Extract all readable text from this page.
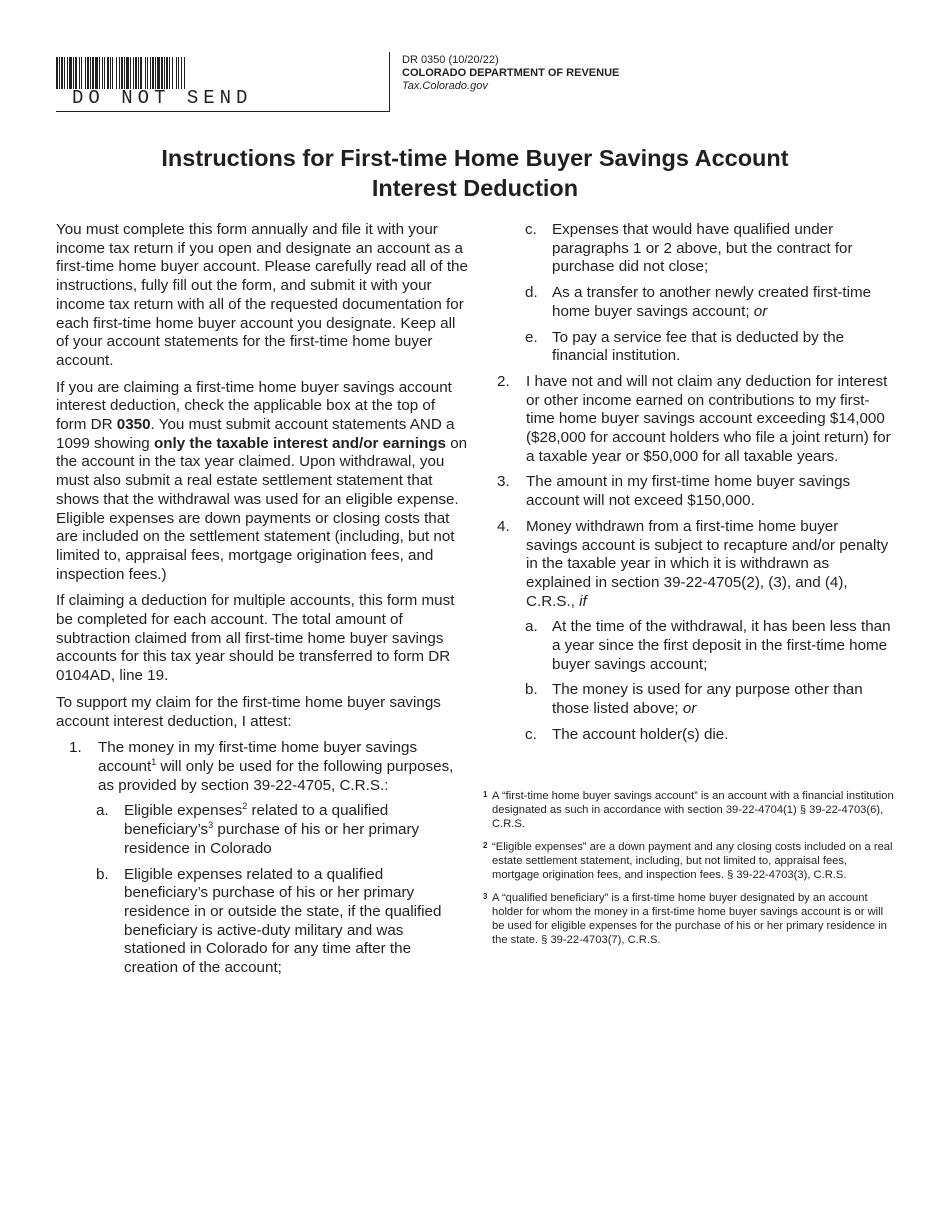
DO NOT SEND
DR 0350 (10/20/22)
COLORADO DEPARTMENT OF REVENUE
Tax.Colorado.gov
Instructions for First-time Home Buyer Savings Account
Interest Deduction

You must complete this form annually and file it with your income tax return if you open and designate an account as a first-time home buyer account. Please carefully read all of the instructions, fully fill out the form, and submit it with your income tax return with all of the requested documentation for each first-time home buyer account you designate. Keep all of your account statements for the first-time home buyer account.

If you are claiming a first-time home buyer savings account interest deduction, check the applicable box at the top of form DR 0350. You must submit account statements AND a 1099 showing only the taxable interest and/or earnings on the account in the tax year claimed. Upon withdrawal, you must also submit a real estate settlement statement that shows that the withdrawal was used for an eligible expense. Eligible expenses are down payments or closing costs that are included on the settlement statement (including, but not limited to, appraisal fees, mortgage origination fees, and inspection fees.)

If claiming a deduction for multiple accounts, this form must be completed for each account. The total amount of subtraction claimed from all first-time home buyer savings accounts for this tax year should be transferred to form DR 0104AD, line 19.

To support my claim for the first-time home buyer savings account interest deduction, I attest:

1. The money in my first-time home buyer savings account$^1$ will only be used for the following purposes, as provided by section 39-22-4705, C.R.S.:
a. Eligible expenses$^2$ related to a qualified $beneficiary’s^3$ purchase of his or her primary residence in Colorado
b. Eligible expenses related to a qualified beneficiary’s purchase of his or her primary residence in or outside the state, if the qualified beneficiary is active-duty military and was stationed in Colorado for any time after the creation of the account;
c. Expenses that would have qualified under paragraphs 1 or 2 above, but the contract for purchase did not close;
d. As a transfer to another newly created first-time home buyer savings account; or
e. To pay a service fee that is deducted by the financial institution.
2. I have not and will not claim any deduction for interest or other income earned on contributions to my first-time home buyer savings account exceeding $14,000 ($28,000 for account holders who file a joint return) for a taxable year or $50,000 for all taxable years.
3. The amount in my first-time home buyer savings account will not exceed $150,000.
4. Money withdrawn from a first-time home buyer savings account is subject to recapture and/or penalty in the taxable year in which it is withdrawn as explained in section 39-22-4705(2), (3), and (4), C.R.S., if
a. At the time of the withdrawal, it has been less than a year since the first deposit in the first-time home buyer savings account;
b. The money is used for any purpose other than those listed above; or
c. The account holder(s) die.
1 A “first-time home buyer savings account” is an account with a financial institution designated as such in accordance with section 39-22-4704(1) § 39-22-4703(6), C.R.S.
2 “Eligible expenses” are a down payment and any closing costs included on a real estate settlement statement, including, but not limited to, appraisal fees, mortgage origination fees, and inspection fees. § 39-22-4703(3), C.R.S.
3 A “qualified beneficiary” is a first-time home buyer designated by an account holder for whom the money in a first-time home buyer savings account is or will be used for eligible expenses for the purchase of his or her primary residence in the state. § 39-22-4703(7), C.R.S.
